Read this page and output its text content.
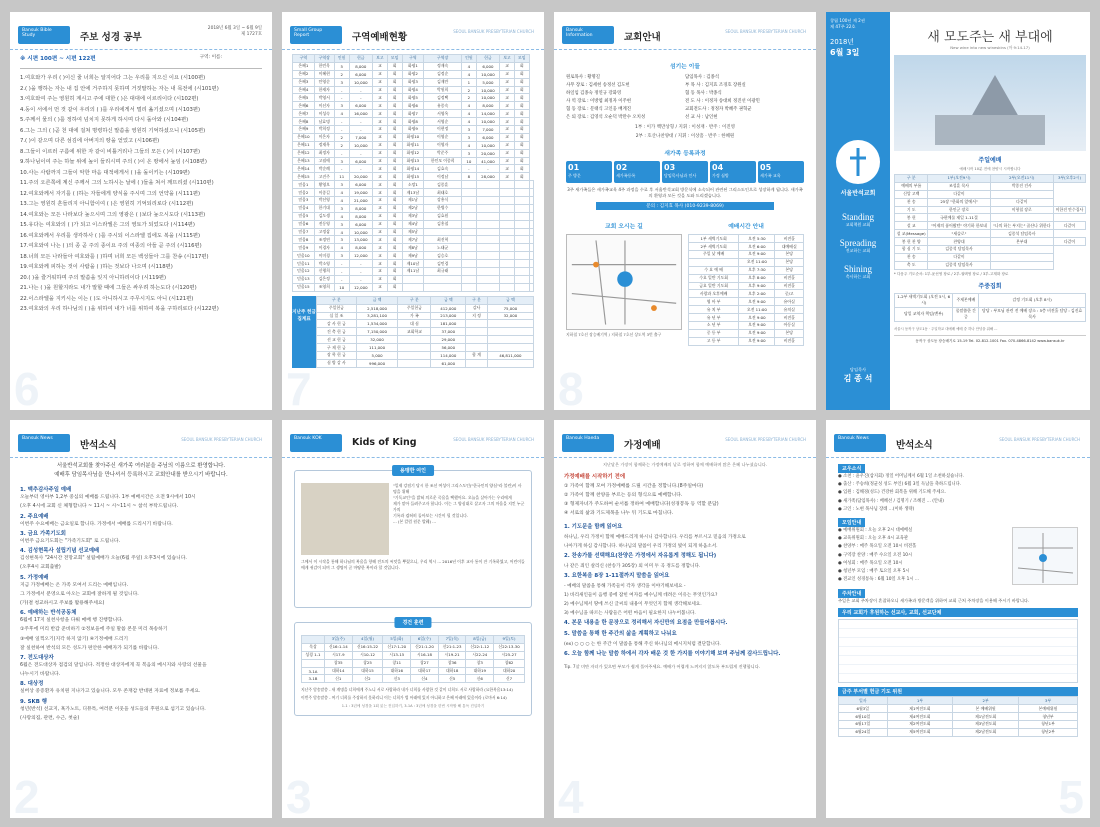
Bansuk Bible Study	주보 성경 공부
2018년 6월 3일 ~ 6월 9일
제 1727호
※ 시편 100편 ~ 시편 122편	구역: 이름:
1.여호와가 우리 ( )이신 줄 너희는 알지어다 그는 우리를 지으신 이요 (시100편)
2.( )을 행하는 자는 내 집 안에 거주하지 못하며 거짓말하는 자는 내 목전에 (시101편)
3.여호와여 주는 영원히 계시고 주에 대한 ( )은 대대에 이르리이다 (시102편)
4.동이 서에서 먼 것 같이 우리의 ( )를 우리에게서 멀리 옮기셨으며 (시103편)
5.주께서 물의 ( )를 정하여 넘치지 못하게 하시며 다시 돌아와 (시104편)
6.그는 그의 ( )곧 천 대에 걸쳐 명령하신 말씀을 영원히 기억하셨으니 (시105편)
7.( )이 같으며 다른 섬김에 아버지의 땅을 얻었고 (시106편)
8.그들이 이르러 구름에 위한 자 같이 비틀거리나 그들의 모든 ( )이 (시107편)
9.하나님이여 주는 하늘 위에 높이 들리시며 주의 ( )이 온 땅에서 높임 (시108편)
10.사는 사람까지 그들이 악한 마음 대적에게서 ( )을 돌이키는 (시109편)
11.주의 오른쪽에 계신 주께서 그의 노하시는 날에 ( )들을 쳐서 깨뜨리셨 (시110편)
12.여호와께서 자기를 ( )하는 자들에게 양식을 주시며 그의 언약을 (시111편)
13.그는 영원히 흔들리지 아니함이여 ( )은 영원히 기억되리로다 (시112편)
14.여호와는 모든 나라보다 높으시며 그의 영광은 ( )보다 높으시도다 (시113편)
15.유다는 여호와의 ( )가 되고 이스라엘은 그의 영토가 되었도다 (시114편)
16.여호와께서 우리를 생각하사 ( )를 주시되 이스라엘 집에도 복을 (시115편)
17.여호와여 나는 ( )의 종 곧 주의 종이요 주의 여종의 아들 곧 주의 (시116편)
18.너희 모든 나라들아 여호와를 ( )하며 너희 모든 백성들아 그를 찬송 (시117편)
19.여호와께 피하는 것이 사람을 ( )하는 것보다 나으며 (시118편)
20.( )을 즐거워하며 주의 말씀을 잊지 아니하리이다 (시119편)
21.나는 ( )을 원할지라도 내가 말할 때에 그들은 싸우려 하는도다 (시120편)
22.이스라엘을 지키시는 이는 ( )도 아니하시고 주무시지도 아니 (시121편)
23.여호와의 우리 하나님의 ( )을 위하여 내가 너를 위하여 복을 구하리로다 (시122편)
6
Small Group Report	구역예배현황
SEOUL BANSUK PRESBYTERIAN CHURCH
구역	구역장	인원	헌금	보고	모임	구역	구역장	인원	헌금	보고	모임	
은혜1	한민욱	5	8,000	교	회	화평1	정재숙	4	6,000	교	회	
은혜2	이혜현	2	6,000	교	회	화평2	김정순	4	10,000	교	회	
은혜3	안영순	3	10,000	교	회	화평3	김재만	1	5,000	교	회	
은혜4	한재자	-	-	교	회	화평4	박원희	2	10,000	교	회	
은혜5	박영서	-	-	교	회	화평5	김정택	2	10,000	교	회	
은혜6	이선자	3	6,000	교	회	화평6	유종숙	4	8,000	교	회	
은혜7	이성숙	4	16,000	교	회	화평7	서영옥	4	14,000	교	회	
은혜8	남효명	-	-	교	회	화평8	서영순	4	10,000	교	회	
은혜9	박희정	-	-	교	회	화평9	이현정	3	7,000	교	회	
은혜10	이은자	2	7,000	교	회	화평10	이영순	3	6,000	교	회	
은혜11	정재옥	2	10,000	교	회	화평11	이영자	4	10,000	교	회	
은혜12	최정자	-	-	교	회	화평12	박준주	3	20,000	교	회	
은혜13	고필애	3	6,000	교	회	화평13	한인모 이종희	10	41,000	교	회	
은혜14	박순례	-	-	교	회	화평14	김효숙	-	-	교	회	
은혜15	고진주	11	20,000	교	회	화평15	이정남	8	28,000	교	회	
믿음1	황영오	3	6,000	교	회	소망1	김종훈					
믿음2	이종길	4	19,000	교	회	제13남	최태호					
믿음3	박선영	4	21,000	교	회	제1남	강흥식					
믿음4	한기대	3	8,000	교	회	제2남	한병수					
믿음5	김도생	4	8,000	교	회	제3남	김효원					
믿음6	전동영	3	6,000	교	회	제4남	김홍철					
믿음7	고정삼	4	10,000	교	회	제5남						
믿음8	조정연	3	13,000	교	회	제7남	최진혁					
믿음9	이경자	4	8,000	교	회	제8남	노태균					
믿음10	이미경	3	12,000	교	회	제9남	김승호					
믿음11	박소영	-	-	교	회	제10남	김민경					
믿음12	신행희	-	-	교	회	제11남	최규태					
믿음13	김은정	-	-	교	회							
믿음15	조영희	10	12,000	교	회							
지난주 헌금 집계표
구 분	금 액	구 분	금 액	구 분	금 액
주일헌금	2,518,000	주일헌금	412,000	감사	75,000
십 일 조	3,281,100	가 족	213,000	지 정	32,000
감 사 헌 금	1,534,000	대 심	181,000		
건 축 헌 금	7,150,000	교회학교	37,000		
선 교 헌 금	32,000		29,000		
구 제 헌 금	111,000		56,000		
장 학 헌 금	5,000		114,000	합 계	46,811,000
심 방 감 사	996,000		61,000		
7
Bansuk Information	교회안내
SEOUL BANSUK PRESBYTERIAN CHURCH
섬기는 이들
원로목사 : 황명길	담임목사 : 김종석
사무 장로 : 김세헌 송정선 김도헌	부 목 사 : 김지효 조경호 장원실
하일임 김종숙 정연규 강화영	협 동 목사 : 박종식
사 역 장로 : 이방엽 최정자 이주현	전 도 사 : 이정자 송대희 정진선 이광민
협 동 장로 : 문태식 고인웅 배계진	교회전도사 : 정정자 박혜주 권혁균
은 퇴 장로 : 김영석 오순덕 박만수 오치성	선 교 사 : 남인현
1부 : 이가 백만상형 / 지휘 : 이성재 · 반주 : 이진영
2부 : 호산나찬양대 / 지휘 : 이상흠 · 반주 : 한혜원
새가족 등록과정
01
주 방문
02
새가족등록
03
담임목사님과 인사
04
가정 심방
05
새가족 교육
3주 새가족들은 새가족교육 4주 과정을 수료 후 서울반석교회 방문식에 소속되어 관련된 그리스도인으로 성장하게 됩니다. 새가족의 환영과 모든 것을 도와 드리겠습니다.
문의 : 김지효 목사 (010-9239-8069)
교회 오시는 길
지하철 7호선 장승배기역 / 지하철 7호선 상도역 3번 출구
예배시간 안내
1부 새벽기도회	오전 5:30	비전홀
2부 새벽기도회	오전 6:00	대예배실
주일 낮 예배	오전 9:00	본당
	오전 11:00	본당
수 요 예 배	오후 7:30	본당
수요 일반 기도회	오후 8:00	비전홀
금요 일반 기도회	오후 9:00	비전홀
사랑과 오후예배	오후 2:00	중/고
영 아 부	오전 9:00	유아실
유 치 부	오전 11:00	유치실
유 년 부	오전 9:00	비전홀
소 년 부	오전 9:00	아동실
중 등 부	오전 9:00	본당
고 등 부	오전 9:00	비전홀
8
창립 100년 제 2권
제 47주 22호
2018년
6월 3일
서울반석교회
Standing
교회책원 교회
Spreading
전교하는 교회
Shining
축사하는 교회
담임목사
김 종 석
새 모도주는 새 부대에
New wine into new wineskins (마 9:14-17)
주일예배
예배시작 10분 전에 찬양시 시작합니다
구 분	1부(오전9시)	2부(오전11시)	3부(오후2시)
예배의 부름	조성훈 목사	박종진 건사	
신앙 고백	다같이		
찬 송	25장 "한화의 앞에서"	다같이	
기 도	한인군 장로	이형철 장로	이한진 안수집사
봉 헌	국편예물 제일 1-11절		
설 교	"어제의 품어봤던" 야기하 한보네	"나의 하는 부지는" 꿈산나 위한다	다같이
설 교(Message)	"새슬로"	김종석 담임목사	
봉 헌 찬 양	찬양대	본부대	다같이
합 심 기 도	김종석 담임목사		
찬 송	다같이		
축 도	김종석 담임목사		
* 다음주 기도순서: 1부-윤선영 장로 / 2부-권택영 장로 / 3부-고재화 장로
주중집회
1-2부 새벽기도회 (오전 5시, 6시)	주제본예배	감정 기도회 (오후 8시)
당일 교역자 책임(맨부)	몸말씀한 간증	담당 : 부모님 관련 전 예배 장소 : 5층 비전홀 담당 : 김진효 목사
서울시 동작구 상도1동 · 주일학교 대예배 예배 중 하나 안녕을 위해 ...
동작구 상도동 장승배기로 15-19 Tel. 02-812-1001 Fax. 070-4866-8142 www.bansuk.kr
Bansuk News
반석소식
SEOUL BANSUK PRESBYTERIAN CHURCH
서울반석교회를 찾아주신 새가족 여러분을 주님의 이름으로 환영합니다.
예배후 담임목사님을 만나셔서 등록하시고 교회안내를 받으시기 바랍니다.
1. 맥추감사주일 예배
오늘부터 영아부 1,2부 중심의 예배를 드립니다. 1부 예배시간은 오전 9시에서 10시
(오후 4시에 교회 신 체형합니다 ~ 11시 ~ 시~11시 ~ 참석 부탁드립니다.
2. 주요예배
이번주 수요예배는 금요일로 합니다. 가정에서 예배를 드리시기 바랍니다.
3. 금요 가족기도회
이번주 금요기도회는 "가족기도회" 로 드립니다.
4. 김성현목사 설립기념 선교예배
김성현목사 "24시간 전망교회" 설립예배가 오늘(6월 주일) 오후3시에 있습니다.
(오후4시 교회출발)
5. 가정예배
지금 가정예배는 온 가족 모여서 드리는 예배입니다.
그 가정에서 분영으로 아오는 교회에 잘하게 될 것입니다.
(가)결 청교하시고 주보를 활용해주세요)
6. 예배하는 반석공동체
6월에 17지 실천사항을 다뤄 매배 행 진행합니다.
①주후에 미리 반갑 준비하기 ②정보을에 주일 말씀 본문 미리 목송하기
③예배 일찍오기(지각 하지 않기) ④기정예배 드리기
잘 실천하여 반석의 모든 성도가 편안한 예배자가 되기를 바랍니다.
7. 전도대상자
6월은 전도대상자 점검의 달입니다. 적정한 대상자에게 꼭 복음의 메시지와 사랑의 선물을
나누시기 바랍니다.
8. 대상정
실버상 중증환자 유치원 지나가고 있습니다. 모두 존재감 반대편 자료에 정보를 주세요.
9. SKB 행
청년(반석) 선교지, 혹가노트, 디뮤특, 여러분 이웃을 성도들의 후원으로 섬기고 있습니다.
(사랑의집, 관련, 수근, 첫술)
2
Bansuk KOK	Kids of King	SEOUL BANSUK PRESBYTERIAN CHURCH
용맹한 여인
"일제 강점기 당시 한 조선 여성이 그리스도인("한국인의 양심"라 불린)이 사명을 위해
"기독교인"을 밝혀 의로운 죽음을 택했어요. 오늘을 살아가는 우리에게
제가 맡아 들려주고자 합니다. 이는 그 양심대로 살고자 그의 마음을 지킨 누군가의
기록과 겸허히 돌아보는 시간이 될 것입니다.
... (본 칼럼 원문 발췌) ...
그에서 이 시작을 통해 하나님의 복음을 향해 전도의 씨앗을 뿌렸으니, 우리 역시 ... 2016년 이후 교사 통이 잔 기록하였고, 어린이들에게 귀감이 되며 그 생명이 곧 마땅한 복이라 할 것입니다.
경건 훈련
	3일(주)	4일(월)	5일(화)	6일(수)	7일(목)	8일(금)	9일(토)
묵상	신16:1-14	신16:15-22	신17:1-20	신21:1-20	신21:1-23	신22:1-12	신22:13-30
성경 1-1	시17-9	시10-12	시13-15	시16-18	시19-21	시22-24	시25-27
	창35	창25	창11	창27	창36	창3	창62
3-1A	대하14	대하15	대하16	대하17	대하18	대하19	대하20
3-1B	신1	신2	신3	신4	신5	신6	신7
지난주 암송말씀 - 새 계명을 너희에게 주노니 서로 사랑하라 내가 너희를 사랑한 것 같이 너희도 서로 사랑하라 (요한복음13:14)
이번주 암송말씀 - 여기 너희를 주장하지 못하리니 이는 너희가 법 아래에 있지 아니하고 은혜 아래에 있음이라 (로마서 6:14)
1-1 : 3년에 성경을 1회 읽는 진입하기, 3-1A : 3년에 성경을 한번 시작할 해 통독 진입하기
3
Bansuk Haeda
가정예배
SEOUL BANSUK PRESBYTERIAN CHURCH
지난달은 가장이 함께하는 가정예배의 날로 정하여 함께 예배하며 많은 은혜 나누셨습니다.
가정예배를 시작하기 전에
① 가족이 함께 모여 가정예배를 드릴 시간을 정합니다.(8주일마다)
② 가족이 함께 찬양을 부르는 등의 형식으로 예배합니다.
③ 형제자녀가 주도하여 순서를 정하여 예배합니다(성경봉독 등 역할 분담)
④ 서로의 삶과 기도제목을 나누 뒤 기도로 마칩니다.
1. 기도문을 함께 읽어요
하나님, 우리 가정이 함께 예배드리게 하시니 감사합니다. 우리를 부르시고 믿음의 가정으로
나아가게 하심 감사합니다. 하나님의 말씀이 우리 가정의 빛이 되게 하옵소서.
2. 찬송가를 선택해요(찬양은 가정에서 자유롭게 정해도 됩니다)
나 같은 죄인 살리신 (찬송가 305장) 외 이미 두 곡 정도를 정합니다.
3. 요한복음 8장 1-11절까지 말씀을 읽어요
- 예배의 말씀을 통해 가족들이 각자 생각을 이야기해보세요 -
1) 바리새인들이 음행 중에 잡힌 여자를 예수님께 데려온 이유는 무엇인가요?
2) 예수님께서 땅에 쓰신 글씨의 내용이 무엇인지 함께 생각해보세요.
3) 예수님을 따르는 사람들은 어떤 마음이 필요한지 나누어봅니다.
4. 본문 내용을 한 문장으로 정리해서 자신만의 요점을 만들어봅시다.
5. 말씀을 통해 한 주간의 삶을 계획하고 나눠요
(ex) ○ ○ ○ 는 한 주간 이 말씀을 통해 주신 하나님의 메시지처럼 결단합니다.
6. 오늘 함께 나눈 말씀 하에서 각자 배운 것 한 가지를 이야기해 보며 주님께 감사드립니다.
Tip. 7살 미만 자녀가 있으면 부모가 쉽게 풀어주세요. 예배가 어렵게 느껴지지 않도록 부드럽게 진행합니다.
4
Bansuk News
반석소식
SEOUL BANSUK PRESBYTERIAN CHURCH
교우소식
● 소천 : 윤우진(삼지회) 정일 어머님께서 6월 1일 소천하셨습니다.
● 출산 : 주승희(정균성 성도 부인) 6월 3일 득남을 축하드립니다.
● 입원 : 김해경(성도) 건강한 회복을 위해 기도해 주세요.
● 새가족(담임목사) : 배혜선 / 김명기 / 조혜진 ... (안내)
● 고인 : 노현 목사님 장례 ...(이하 생략)
모임안내
● 예배위원회 : 오늘 오후 2시 대예배실
● 교육위원회 : 오늘 오후 4시 교육관
● 찬양부 : 매주 목요일 오전 10시 비전홀
● 구역장 찬양 : 매주 수요일 오전 10시
● 여성회 : 매주 목요일 오전 10시
● 청년부 모임 : 매주 토요일 오후 5시
● 전교인 성경통독 : 6월 10일 오후 1시 ...
주차안내
주일은 교회 주차장이 혼잡하오니 새가족과 방문객을 위하여 교회 근처 주차장을 이용해 주시기 바랍니다.
우리 교회가 후원하는 선교사, 교회, 선교단체
금주 부서별 헌금 기도 위원
일자	1부	2부	3부
6월3일	제1여전도회	본 예배위원	본예배위원
6월10일	제4여전도회	제1남전도회	청년부
6월17일	제2여전도회	제3남전도회	청년1부
6월24일	제5여전도회	제2남전도회	청년2부
5
